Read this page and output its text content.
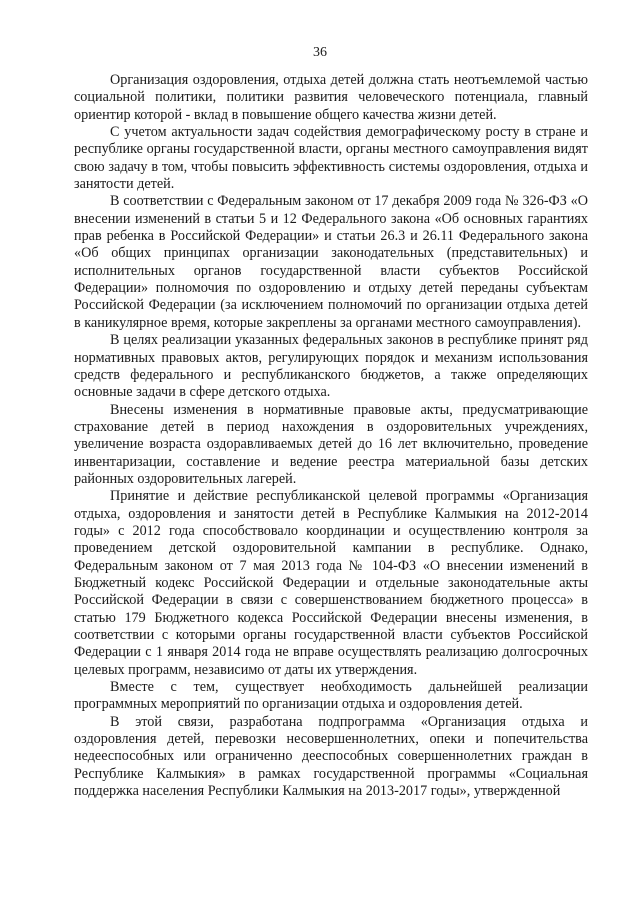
36

Организация оздоровления, отдыха детей должна стать неотъемлемой частью социальной политики, политики развития человеческого потенциала, главный ориентир которой - вклад в повышение общего качества жизни детей.

С учетом актуальности задач содействия демографическому росту в стране и республике органы государственной власти, органы местного самоуправления видят свою задачу в том, чтобы повысить эффективность системы оздоровления, отдыха и занятости детей.

В соответствии с Федеральным законом от 17 декабря 2009 года № 326-ФЗ «О внесении изменений в статьи 5 и 12 Федерального закона «Об основных гарантиях прав ребенка в Российской Федерации» и статьи 26.3 и 26.11 Федерального закона «Об общих принципах организации законодательных (представительных) и исполнительных органов государственной власти субъектов Российской Федерации» полномочия по оздоровлению и отдыху детей переданы субъектам Российской Федерации (за исключением полномочий по организации отдыха детей в каникулярное время, которые закреплены за органами местного самоуправления).

В целях реализации указанных федеральных законов в республике принят ряд нормативных правовых актов, регулирующих порядок и механизм использования средств федерального и республиканского бюджетов, а также определяющих основные задачи в сфере детского отдыха.

Внесены изменения в нормативные правовые акты, предусматривающие страхование детей в период нахождения в оздоровительных учреждениях, увеличение возраста оздоравливаемых детей до 16 лет включительно, проведение инвентаризации, составление и ведение реестра материальной базы детских районных оздоровительных лагерей.

Принятие и действие республиканской целевой программы «Организация отдыха, оздоровления и занятости детей в Республике Калмыкия на 2012-2014 годы» с 2012 года способствовало координации и осуществлению контроля за проведением детской оздоровительной кампании в республике. Однако, Федеральным законом от 7 мая 2013 года № 104-ФЗ «О внесении изменений в Бюджетный кодекс Российской Федерации и отдельные законодательные акты Российской Федерации в связи с совершенствованием бюджетного процесса» в статью 179 Бюджетного кодекса Российской Федерации внесены изменения, в соответствии с которыми органы государственной власти субъектов Российской Федерации с 1 января 2014 года не вправе осуществлять реализацию долгосрочных целевых программ, независимо от даты их утверждения.

Вместе с тем, существует необходимость дальнейшей реализации программных мероприятий по организации отдыха и оздоровления детей.

В этой связи, разработана подпрограмма «Организация отдыха и оздоровления детей, перевозки несовершеннолетних, опеки и попечительства недееспособных или ограниченно дееспособных совершеннолетних граждан в Республике Калмыкия» в рамках государственной программы «Социальная поддержка населения Республики Калмыкия на 2013-2017 годы», утвержденной
